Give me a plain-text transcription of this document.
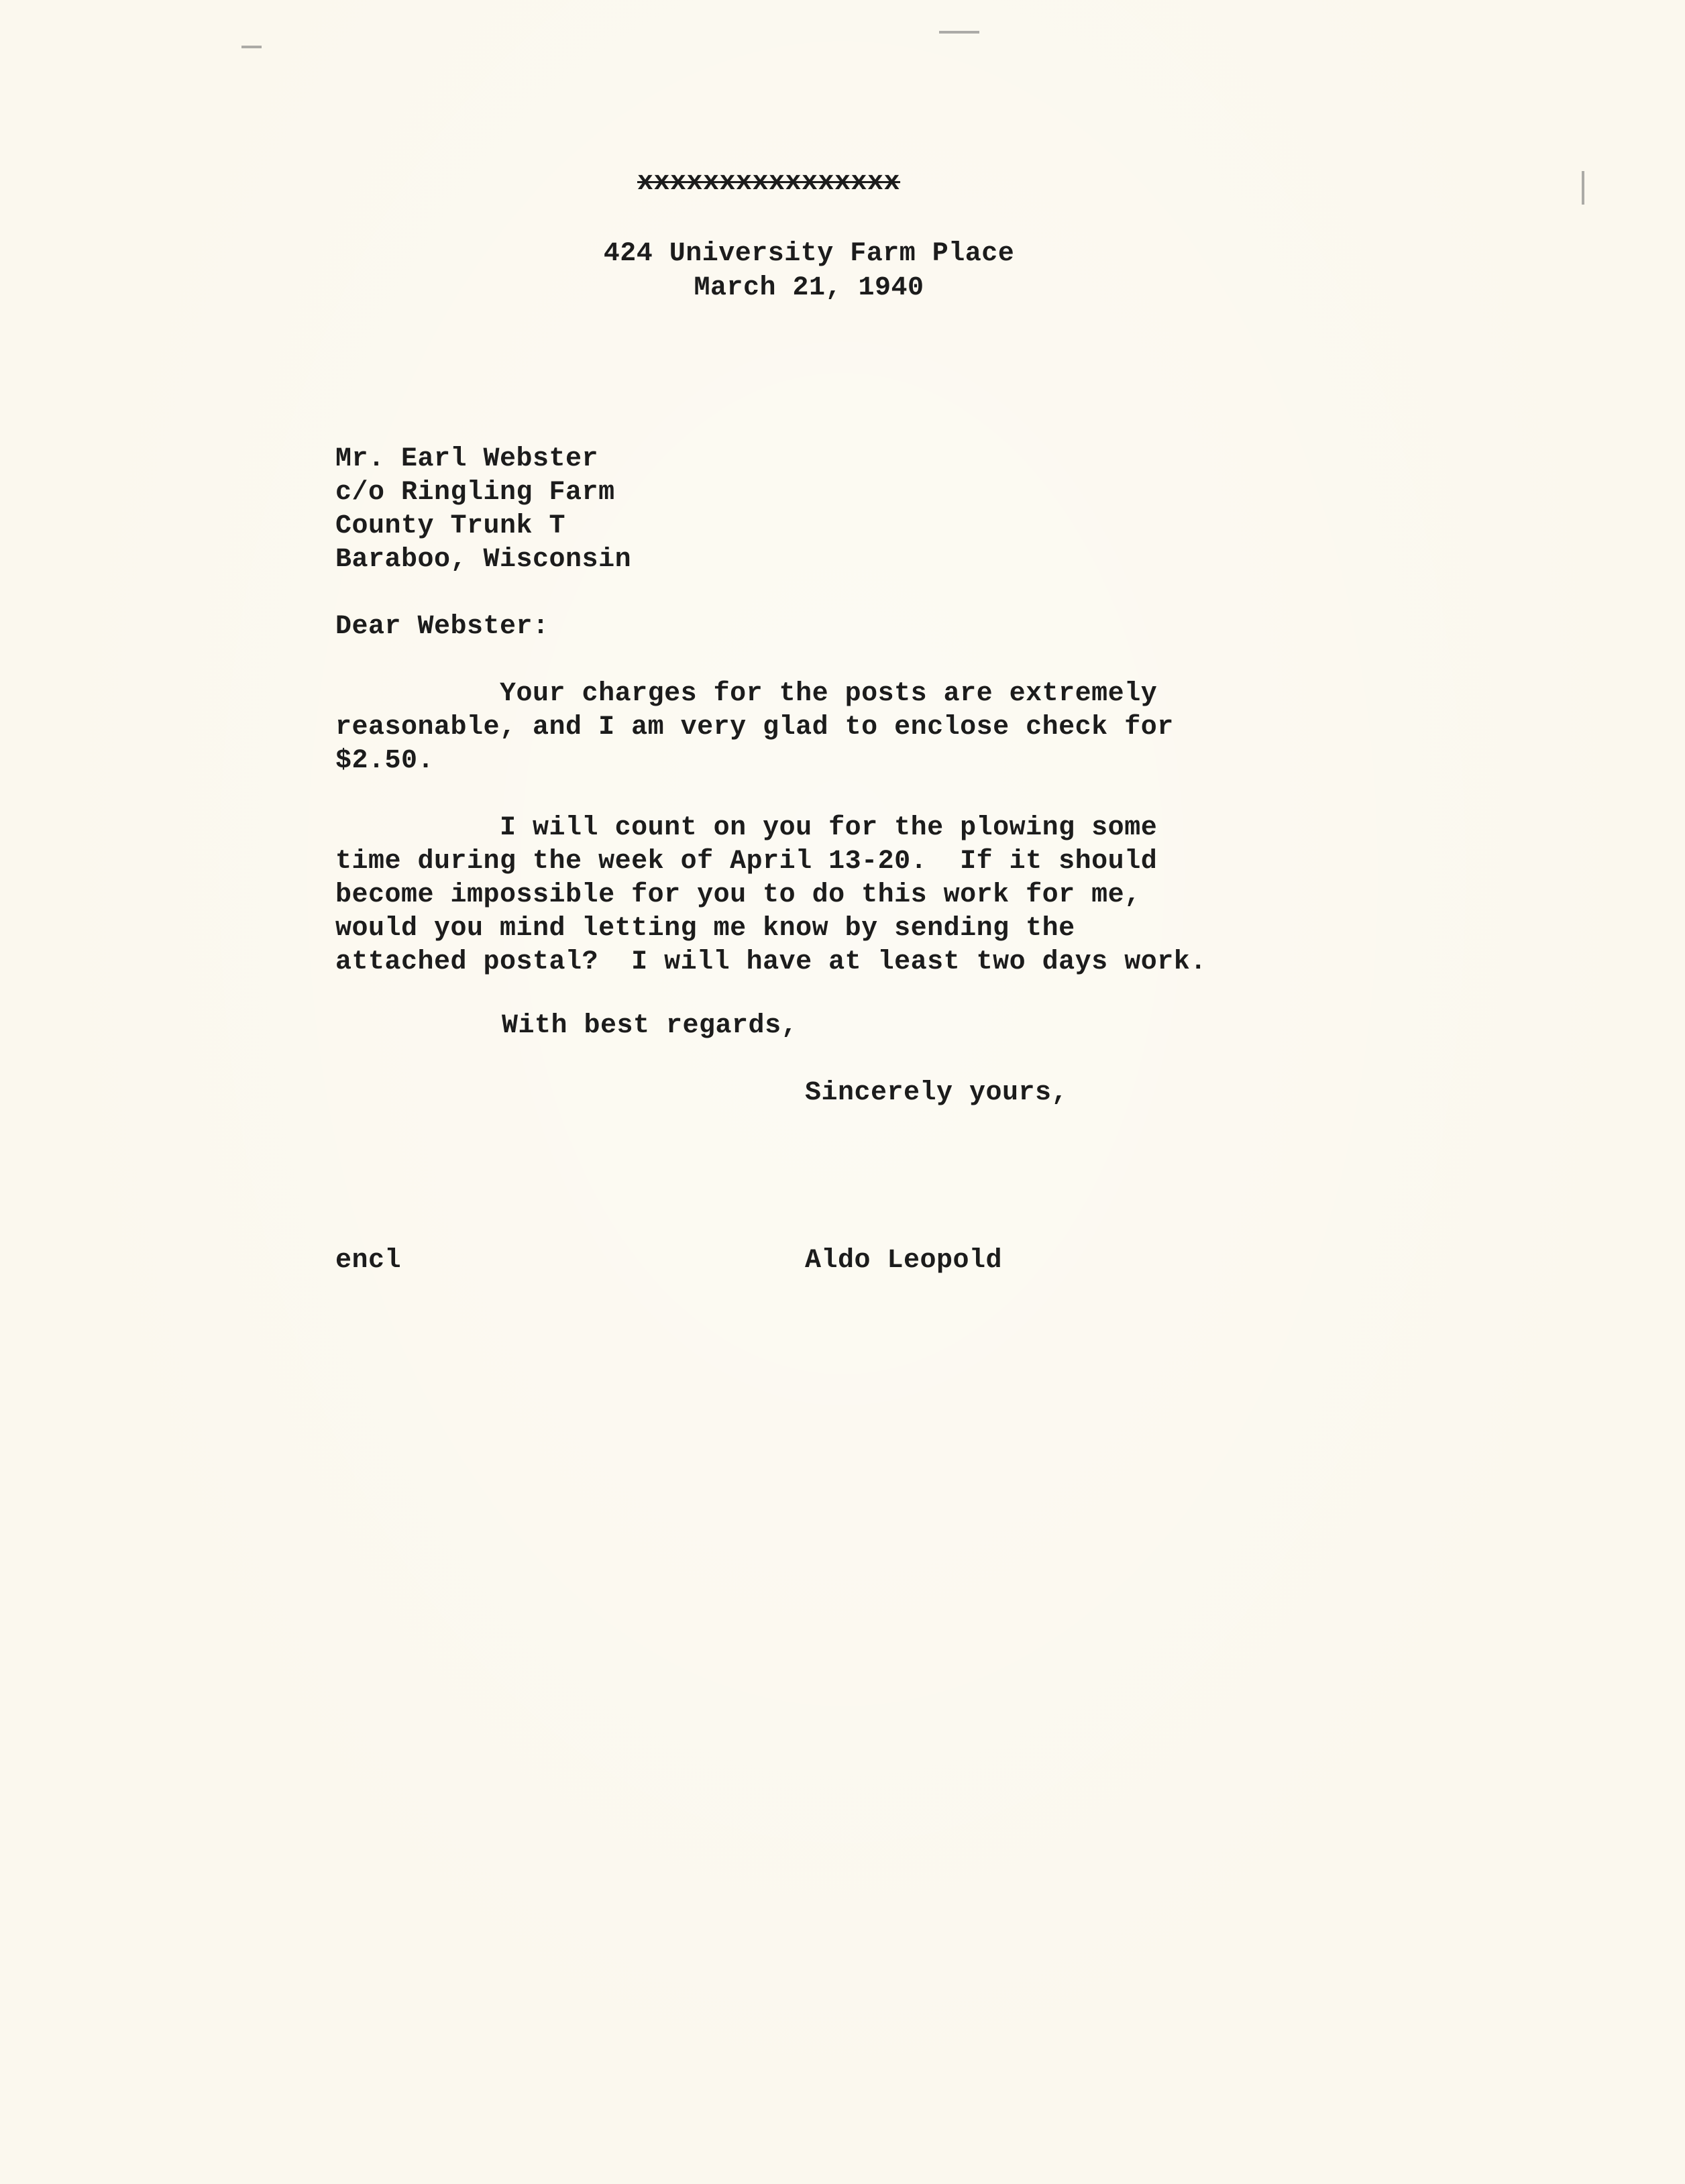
xxxxxxxxxxxxxxxx
424 University Farm Place
March 21, 1940
Mr. Earl Webster
c/o Ringling Farm
County Trunk T
Baraboo, Wisconsin
Dear Webster:
Your charges for the posts are extremely
reasonable, and I am very glad to enclose check for
$2.50.
I will count on you for the plowing some
time during the week of April 13-20.  If it should
become impossible for you to do this work for me,
would you mind letting me know by sending the
attached postal?  I will have at least two days work.
With best regards,
Sincerely yours,
encl	Aldo Leopold
